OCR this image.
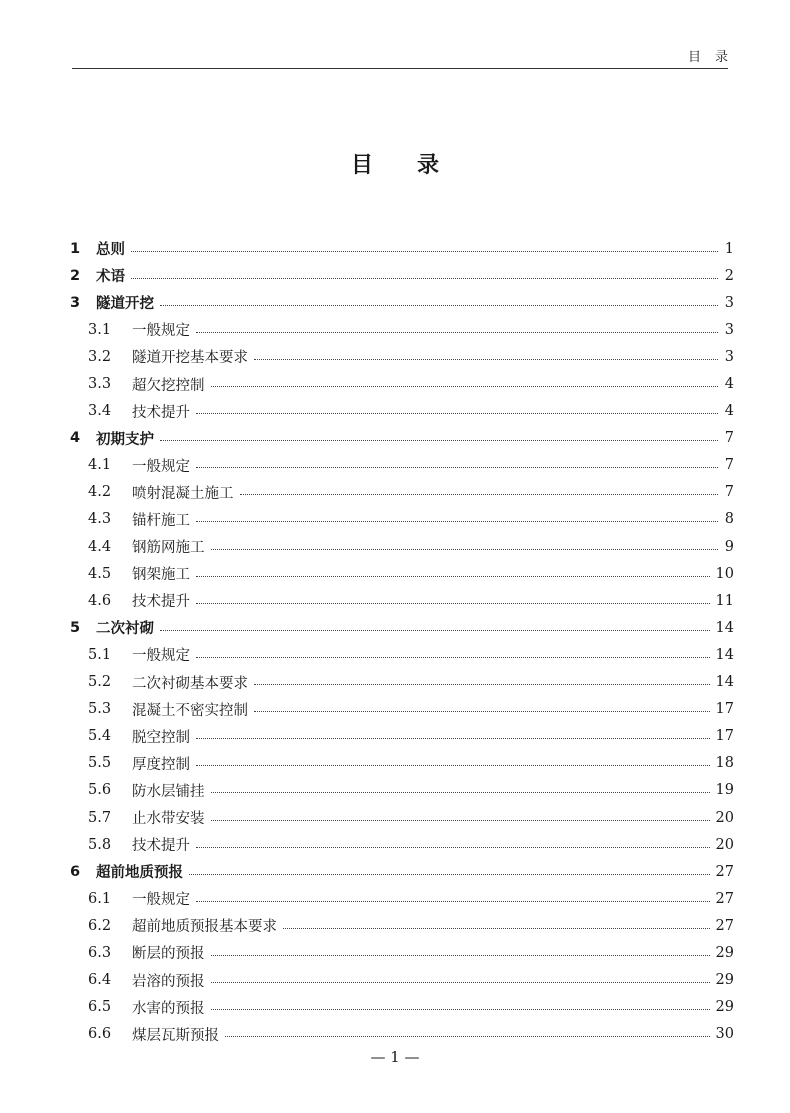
目录
目录
1	总则	1
2	术语	2
3	隧道开挖	3
3.1	一般规定	3
3.2	隧道开挖基本要求	3
3.3	超欠挖控制	4
3.4	技术提升	4
4	初期支护	7
4.1	一般规定	7
4.2	喷射混凝土施工	7
4.3	锚杆施工	8
4.4	钢筋网施工	9
4.5	钢架施工	10
4.6	技术提升	11
5	二次衬砌	14
5.1	一般规定	14
5.2	二次衬砌基本要求	14
5.3	混凝土不密实控制	17
5.4	脱空控制	17
5.5	厚度控制	18
5.6	防水层铺挂	19
5.7	止水带安装	20
5.8	技术提升	20
6	超前地质预报	27
6.1	一般规定	27
6.2	超前地质预报基本要求	27
6.3	断层的预报	29
6.4	岩溶的预报	29
6.5	水害的预报	29
6.6	煤层瓦斯预报	30
— 1 —
